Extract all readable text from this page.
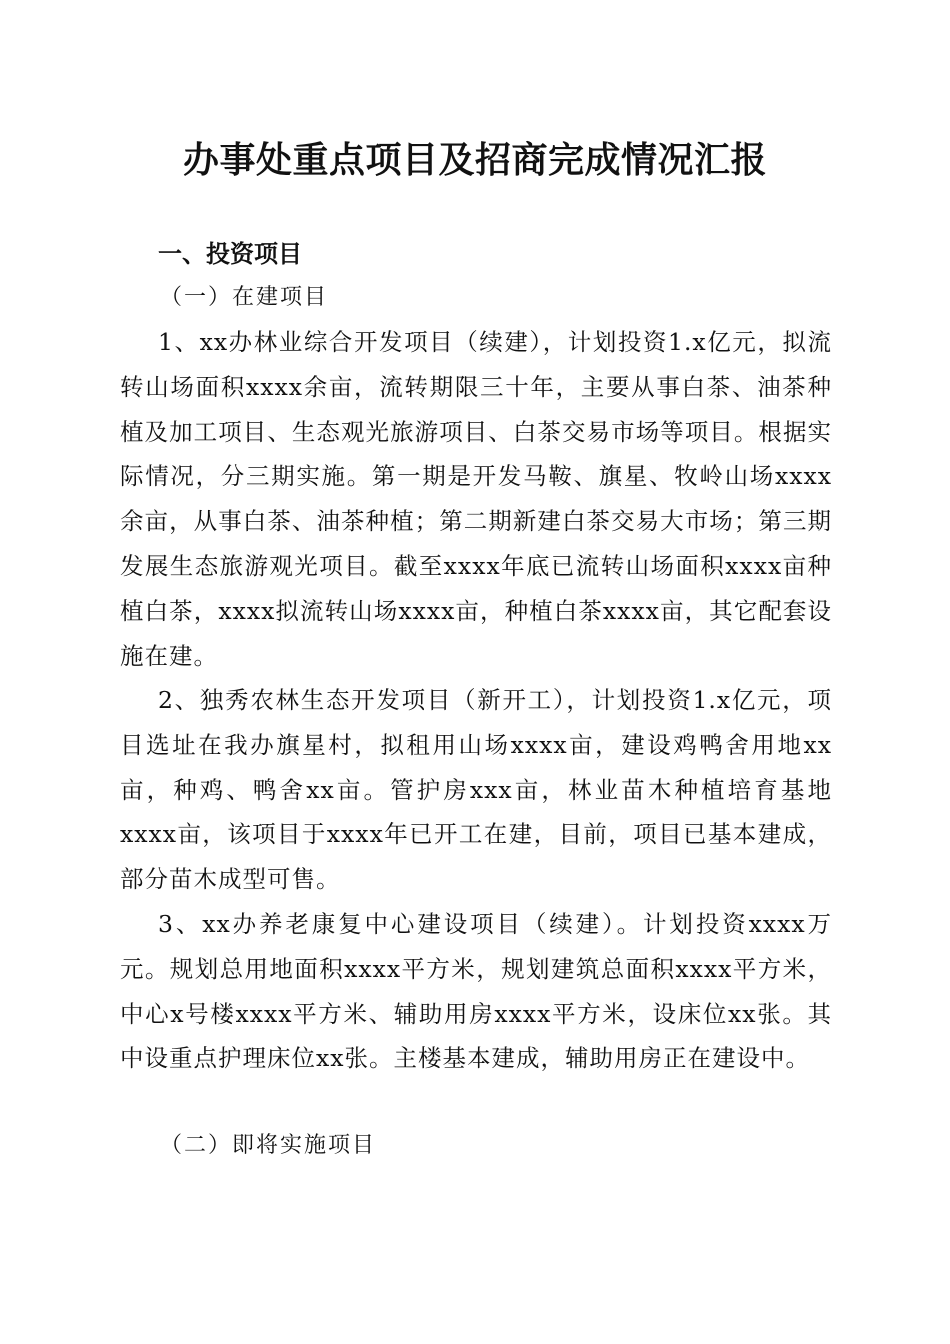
办事处重点项目及招商完成情况汇报
一、投资项目
（一）在建项目

1、xx办林业综合开发项目（续建），计划投资1.x亿元，拟流转山场面积xxxx余亩，流转期限三十年，主要从事白茶、油茶种植及加工项目、生态观光旅游项目、白茶交易市场等项目。根据实际情况，分三期实施。第一期是开发马鞍、旗星、牧岭山场xxxx余亩，从事白茶、油茶种植；第二期新建白茶交易大市场；第三期发展生态旅游观光项目。截至xxxx年底已流转山场面积xxxx亩种植白茶，xxxx拟流转山场xxxx亩，种植白茶xxxx亩，其它配套设施在建。

2、独秀农林生态开发项目（新开工），计划投资1.x亿元，项目选址在我办旗星村，拟租用山场xxxx亩，建设鸡鸭舍用地xx亩，种鸡、鸭舍xx亩。管护房xxx亩，林业苗木种植培育基地xxxx亩，该项目于xxxx年已开工在建，目前，项目已基本建成，部分苗木成型可售。

3、xx办养老康复中心建设项目（续建）。计划投资xxxx万元。规划总用地面积xxxx平方米，规划建筑总面积xxxx平方米，中心x号楼xxxx平方米、辅助用房xxxx平方米，设床位xx张。其中设重点护理床位xx张。主楼基本建成，辅助用房正在建设中。

（二）即将实施项目
